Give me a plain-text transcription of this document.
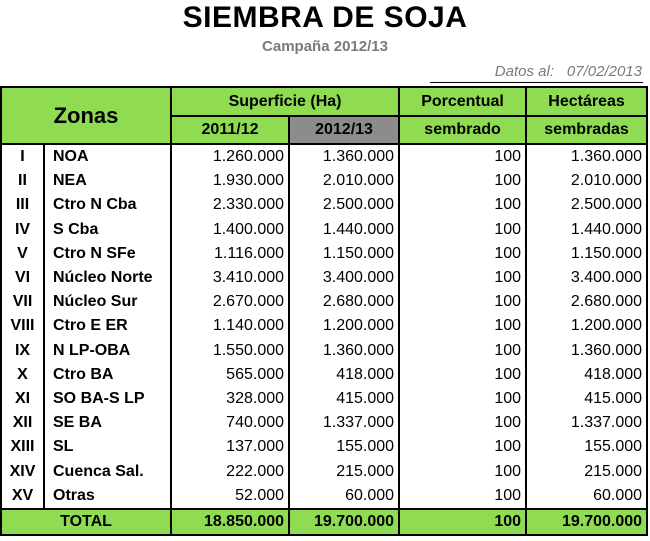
SIEMBRA DE SOJA
Campaña 2012/13
Datos al: 07/02/2013
Zonas		Superficie (Ha)		Porcentual	Hectáreas
		2011/12	2012/13	sembrado	sembradas
I	NOA	1.260.000	1.360.000	100	1.360.000
II	NEA	1.930.000	2.010.000	100	2.010.000
III	Ctro N Cba	2.330.000	2.500.000	100	2.500.000
IV	S Cba	1.400.000	1.440.000	100	1.440.000
V	Ctro N SFe	1.116.000	1.150.000	100	1.150.000
VI	Núcleo Norte	3.410.000	3.400.000	100	3.400.000
VII	Núcleo Sur	2.670.000	2.680.000	100	2.680.000
VIII	Ctro E ER	1.140.000	1.200.000	100	1.200.000
IX	N LP-OBA	1.550.000	1.360.000	100	1.360.000
X	Ctro BA	565.000	418.000	100	418.000
XI	SO BA-S LP	328.000	415.000	100	415.000
XII	SE BA	740.000	1.337.000	100	1.337.000
XIII	SL	137.000	155.000	100	155.000
XIV	Cuenca Sal.	222.000	215.000	100	215.000
XV	Otras	52.000	60.000	100	60.000
TOTAL		18.850.000	19.700.000	100	19.700.000
